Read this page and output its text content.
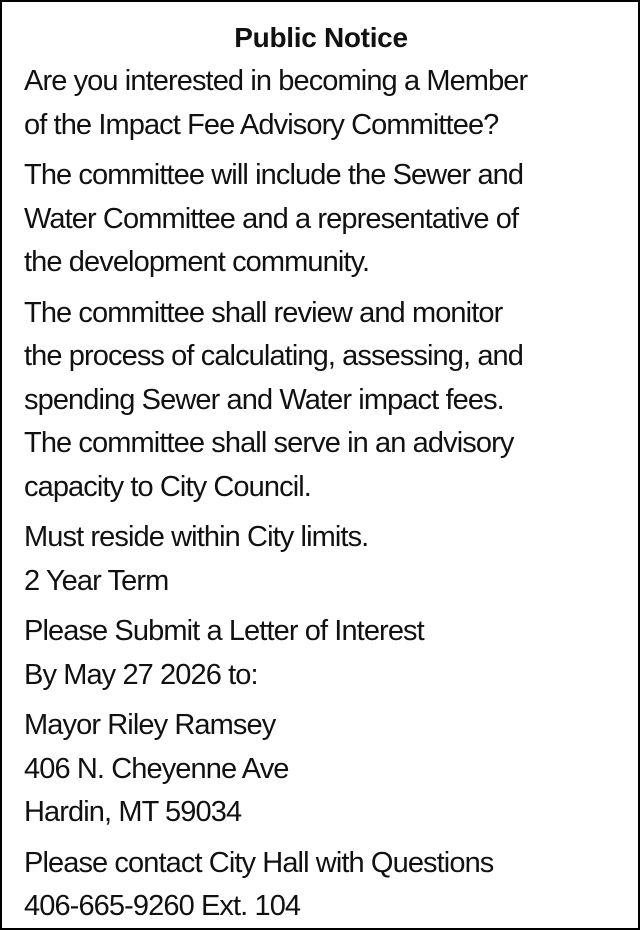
Public Notice
Are you interested in becoming a Member
of the Impact Fee Advisory Committee?
The committee will include the Sewer and
Water Committee and a representative of
the development community.
The committee shall review and monitor
the process of calculating, assessing, and
spending Sewer and Water impact fees.
The committee shall serve in an advisory
capacity to City Council.
Must reside within City limits.
2 Year Term
Please Submit a Letter of Interest
By May 27 2026 to:
Mayor Riley Ramsey
406 N. Cheyenne Ave
Hardin, MT 59034
Please contact City Hall with Questions
406-665-9260 Ext. 104
